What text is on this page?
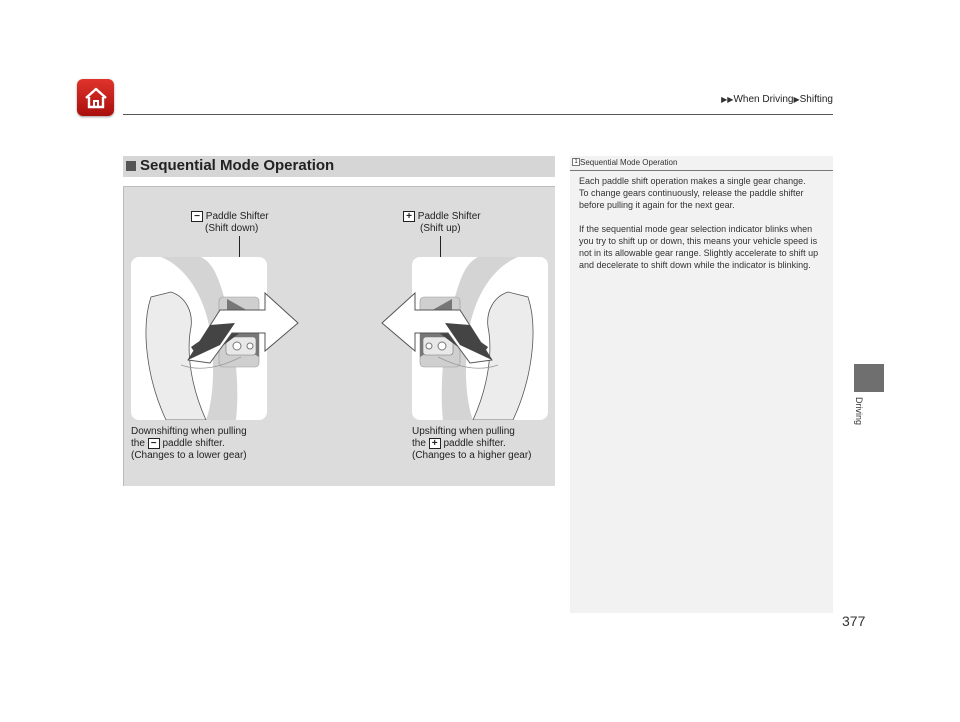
▶▶When Driving▶Shifting
Driving
Sequential Mode Operation
− Paddle Shifter
(Shift down)
+ Paddle Shifter
(Shift up)
Downshifting when pulling
the − paddle shifter.
(Changes to a lower gear)
Upshifting when pulling
the + paddle shifter.
(Changes to a higher gear)
1 Sequential Mode Operation

Each paddle shift operation makes a single gear change.
To change gears continuously, release the paddle shifter before pulling it again for the next gear.

If the sequential mode gear selection indicator blinks when you try to shift up or down, this means your vehicle speed is not in its allowable gear range. Slightly accelerate to shift up and decelerate to shift down while the indicator is blinking.

377
